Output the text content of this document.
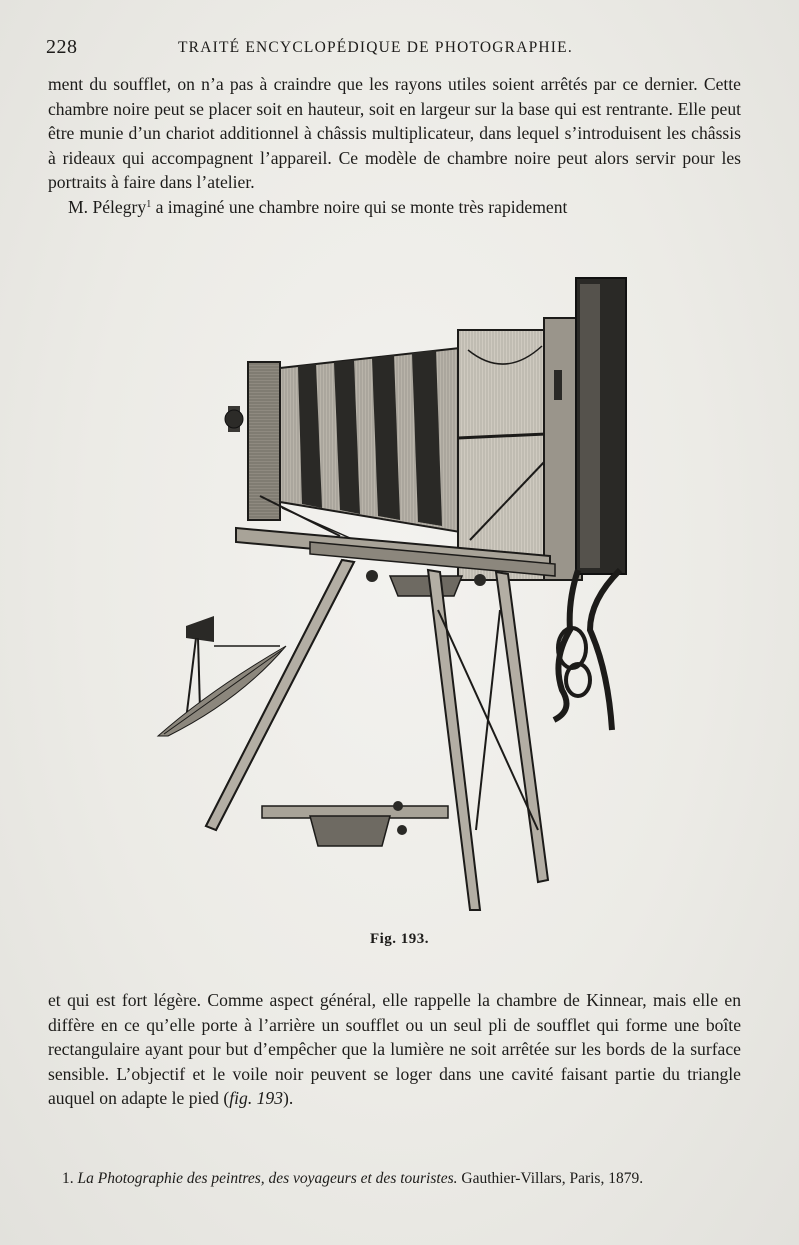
228	TRAITÉ ENCYCLOPÉDIQUE DE PHOTOGRAPHIE.

ment du soufflet, on n’a pas à craindre que les rayons utiles soient arrêtés par ce dernier. Cette chambre noire peut se placer soit en hauteur, soit en largeur sur la base qui est rentrante. Elle peut être munie d’un chariot additionnel à châssis multiplicateur, dans lequel s’introduisent les châssis à rideaux qui accompagnent l’appareil. Ce modèle de chambre noire peut alors servir pour les portraits à faire dans l’atelier.

M. Pélegry$^1$ a imaginé une chambre noire qui se monte très rapidement

Fig. 193.

et qui est fort légère. Comme aspect général, elle rappelle la chambre de Kinnear, mais elle en diffère en ce qu’elle porte à l’arrière un soufflet ou un seul pli de soufflet qui forme une boîte rectangulaire ayant pour but d’empêcher que la lumière ne soit arrêtée sur les bords de la surface sensible. L’objectif et le voile noir peuvent se loger dans une cavité faisant partie du triangle auquel on adapte le pied (fig. 193).

1. La Photographie des peintres, des voyageurs et des touristes. Gauthier-Villars, Paris, 1879.
